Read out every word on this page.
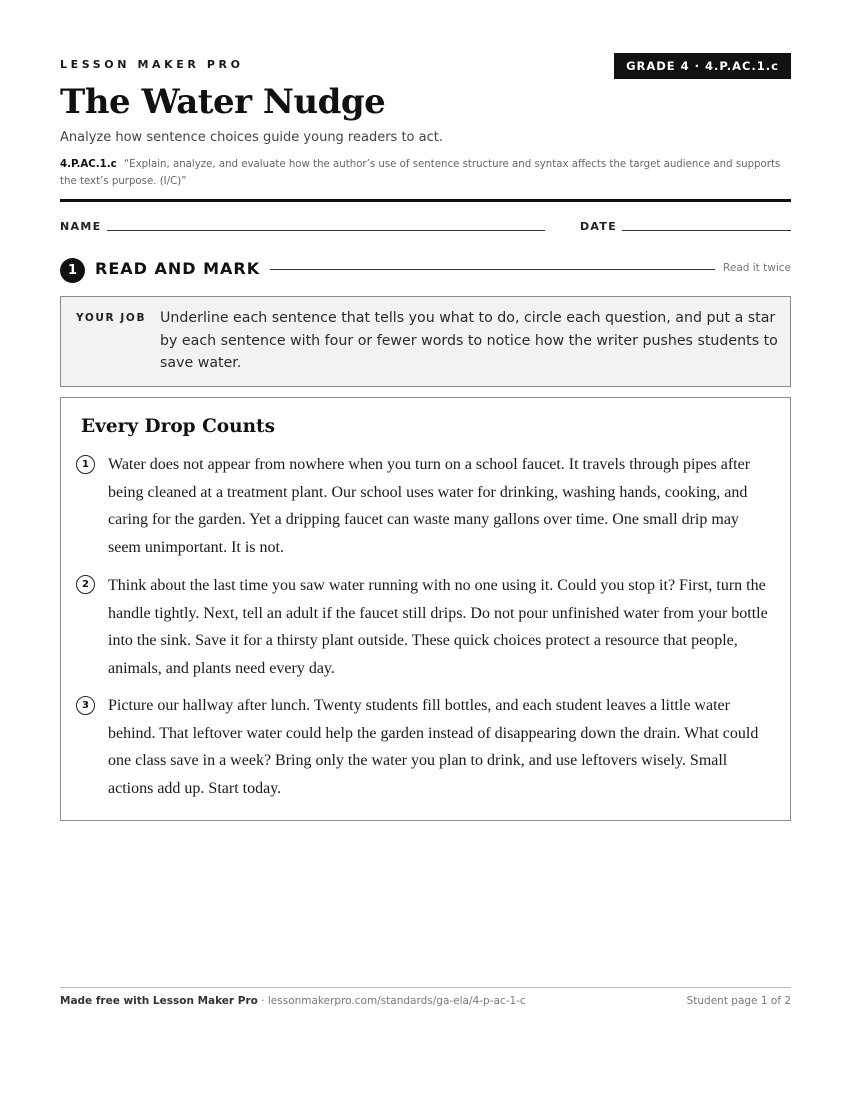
LESSON MAKER PRO	GRADE 4 · 4.P.AC.1.c
The Water Nudge
Analyze how sentence choices guide young readers to act.
4.P.AC.1.c “Explain, analyze, and evaluate how the author’s use of sentence structure and syntax affects the target audience and supports the text’s purpose. (I/C)”
NAME	DATE
1	READ AND MARK	Read it twice
YOUR JOB Underline each sentence that tells you what to do, circle each question, and put a star by each sentence with four or fewer words to notice how the writer pushes students to save water.
Every Drop Counts
1	Water does not appear from nowhere when you turn on a school faucet. It travels through pipes after being cleaned at a treatment plant. Our school uses water for drinking, washing hands, cooking, and caring for the garden. Yet a dripping faucet can waste many gallons over time. One small drip may seem unimportant. It is not.
2	Think about the last time you saw water running with no one using it. Could you stop it? First, turn the handle tightly. Next, tell an adult if the faucet still drips. Do not pour unfinished water from your bottle into the sink. Save it for a thirsty plant outside. These quick choices protect a resource that people, animals, and plants need every day.
3	Picture our hallway after lunch. Twenty students fill bottles, and each student leaves a little water behind. That leftover water could help the garden instead of disappearing down the drain. What could one class save in a week? Bring only the water you plan to drink, and use leftovers wisely. Small actions add up. Start today.
Made free with Lesson Maker Pro · lessonmakerpro.com/standards/ga-ela/4-p-ac-1-c	Student page 1 of 2
